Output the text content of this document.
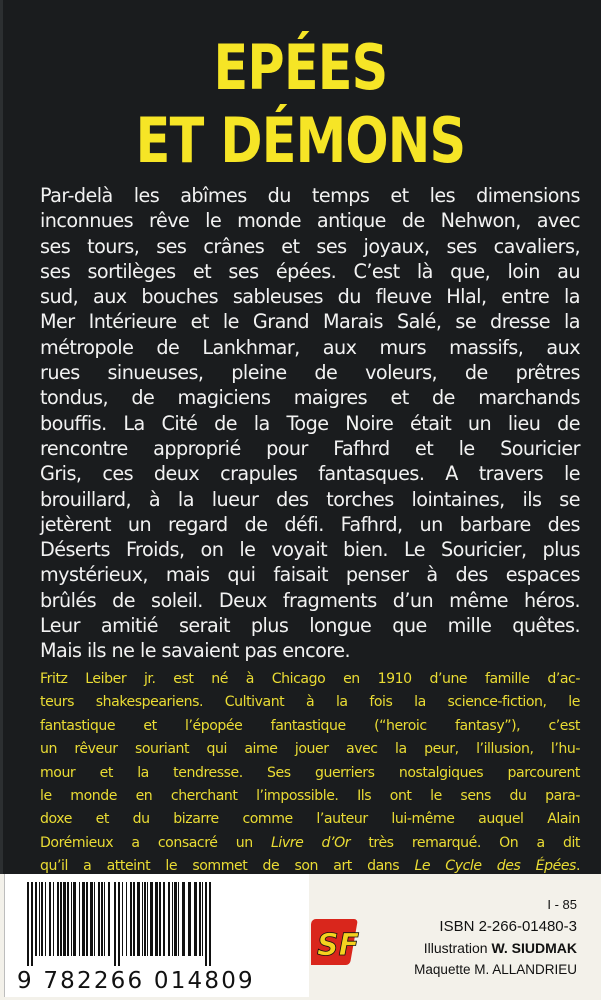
EPÉES
ET DÉMONS
Par-delà les abîmes du temps et les dimensions
inconnues rêve le monde antique de Nehwon, avec
ses tours, ses crânes et ses joyaux, ses cavaliers,
ses sortilèges et ses épées. C’est là que, loin au
sud, aux bouches sableuses du fleuve Hlal, entre la
Mer Intérieure et le Grand Marais Salé, se dresse la
métropole de Lankhmar, aux murs massifs, aux
rues sinueuses, pleine de voleurs, de prêtres
tondus, de magiciens maigres et de marchands
bouffis. La Cité de la Toge Noire était un lieu de
rencontre approprié pour Fafhrd et le Souricier
Gris, ces deux crapules fantasques. A travers le
brouillard, à la lueur des torches lointaines, ils se
jetèrent un regard de défi. Fafhrd, un barbare des
Déserts Froids, on le voyait bien. Le Souricier, plus
mystérieux, mais qui faisait penser à des espaces
brûlés de soleil. Deux fragments d’un même héros.
Leur amitié serait plus longue que mille quêtes.
Mais ils ne le savaient pas encore.
Fritz Leiber jr. est né à Chicago en 1910 d’une famille d’ac-
teurs shakespeariens. Cultivant à la fois la science-fiction, le
fantastique et l’épopée fantastique (“heroic fantasy”), c’est
un rêveur souriant qui aime jouer avec la peur, l’illusion, l’hu-
mour et la tendresse. Ses guerriers nostalgiques parcourent
le monde en cherchant l’impossible. Ils ont le sens du para-
doxe et du bizarre comme l’auteur lui-même auquel Alain
Dorémieux a consacré un Livre d’Or très remarqué. On a dit
qu’il a atteint le sommet de son art dans Le Cycle des Épées.
9 782266 014809
SF
I - 85
ISBN 2-266-01480-3
Illustration W. SIUDMAK
Maquette M. ALLANDRIEU
